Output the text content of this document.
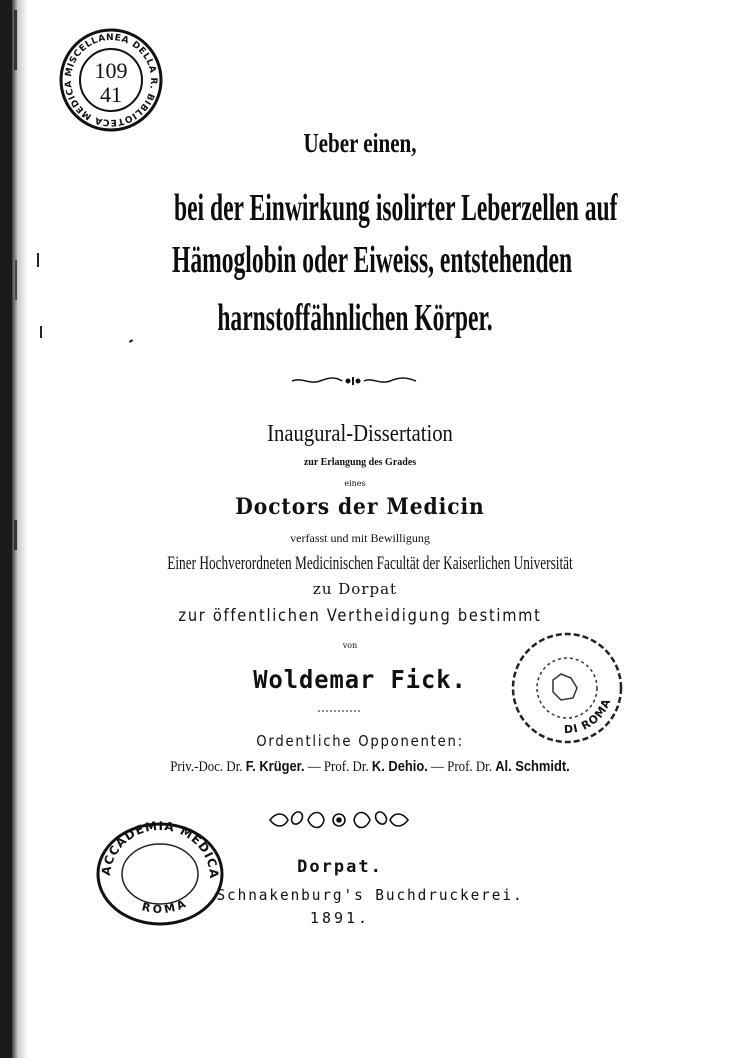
MISCELLANEA DELLA R. BIBLIOTECA MEDICA
109
41
Ueber einen,
bei der Einwirkung isolirter Leberzellen auf
Hämoglobin oder Eiweiss, entstehenden
harnstoffähnlichen Körper.
Inaugural-Dissertation
zur Erlangung des Grades
eines
Doctors der Medicin
verfasst und mit Bewilligung
Einer Hochverordneten Medicinischen Facultät der Kaiserlichen Universität
zu Dorpat
zur öffentlichen Vertheidigung bestimmt
von
Woldemar Fick.
DI ROMA
Ordentliche Opponenten:
Priv.-Doc. Dr. F. Krüger. — Prof. Dr. K. Dehio. — Prof. Dr. Al. Schmidt.
ACCADEMIA MEDICA
ROMA
Dorpat.
Schnakenburg's Buchdruckerei.
1891.
